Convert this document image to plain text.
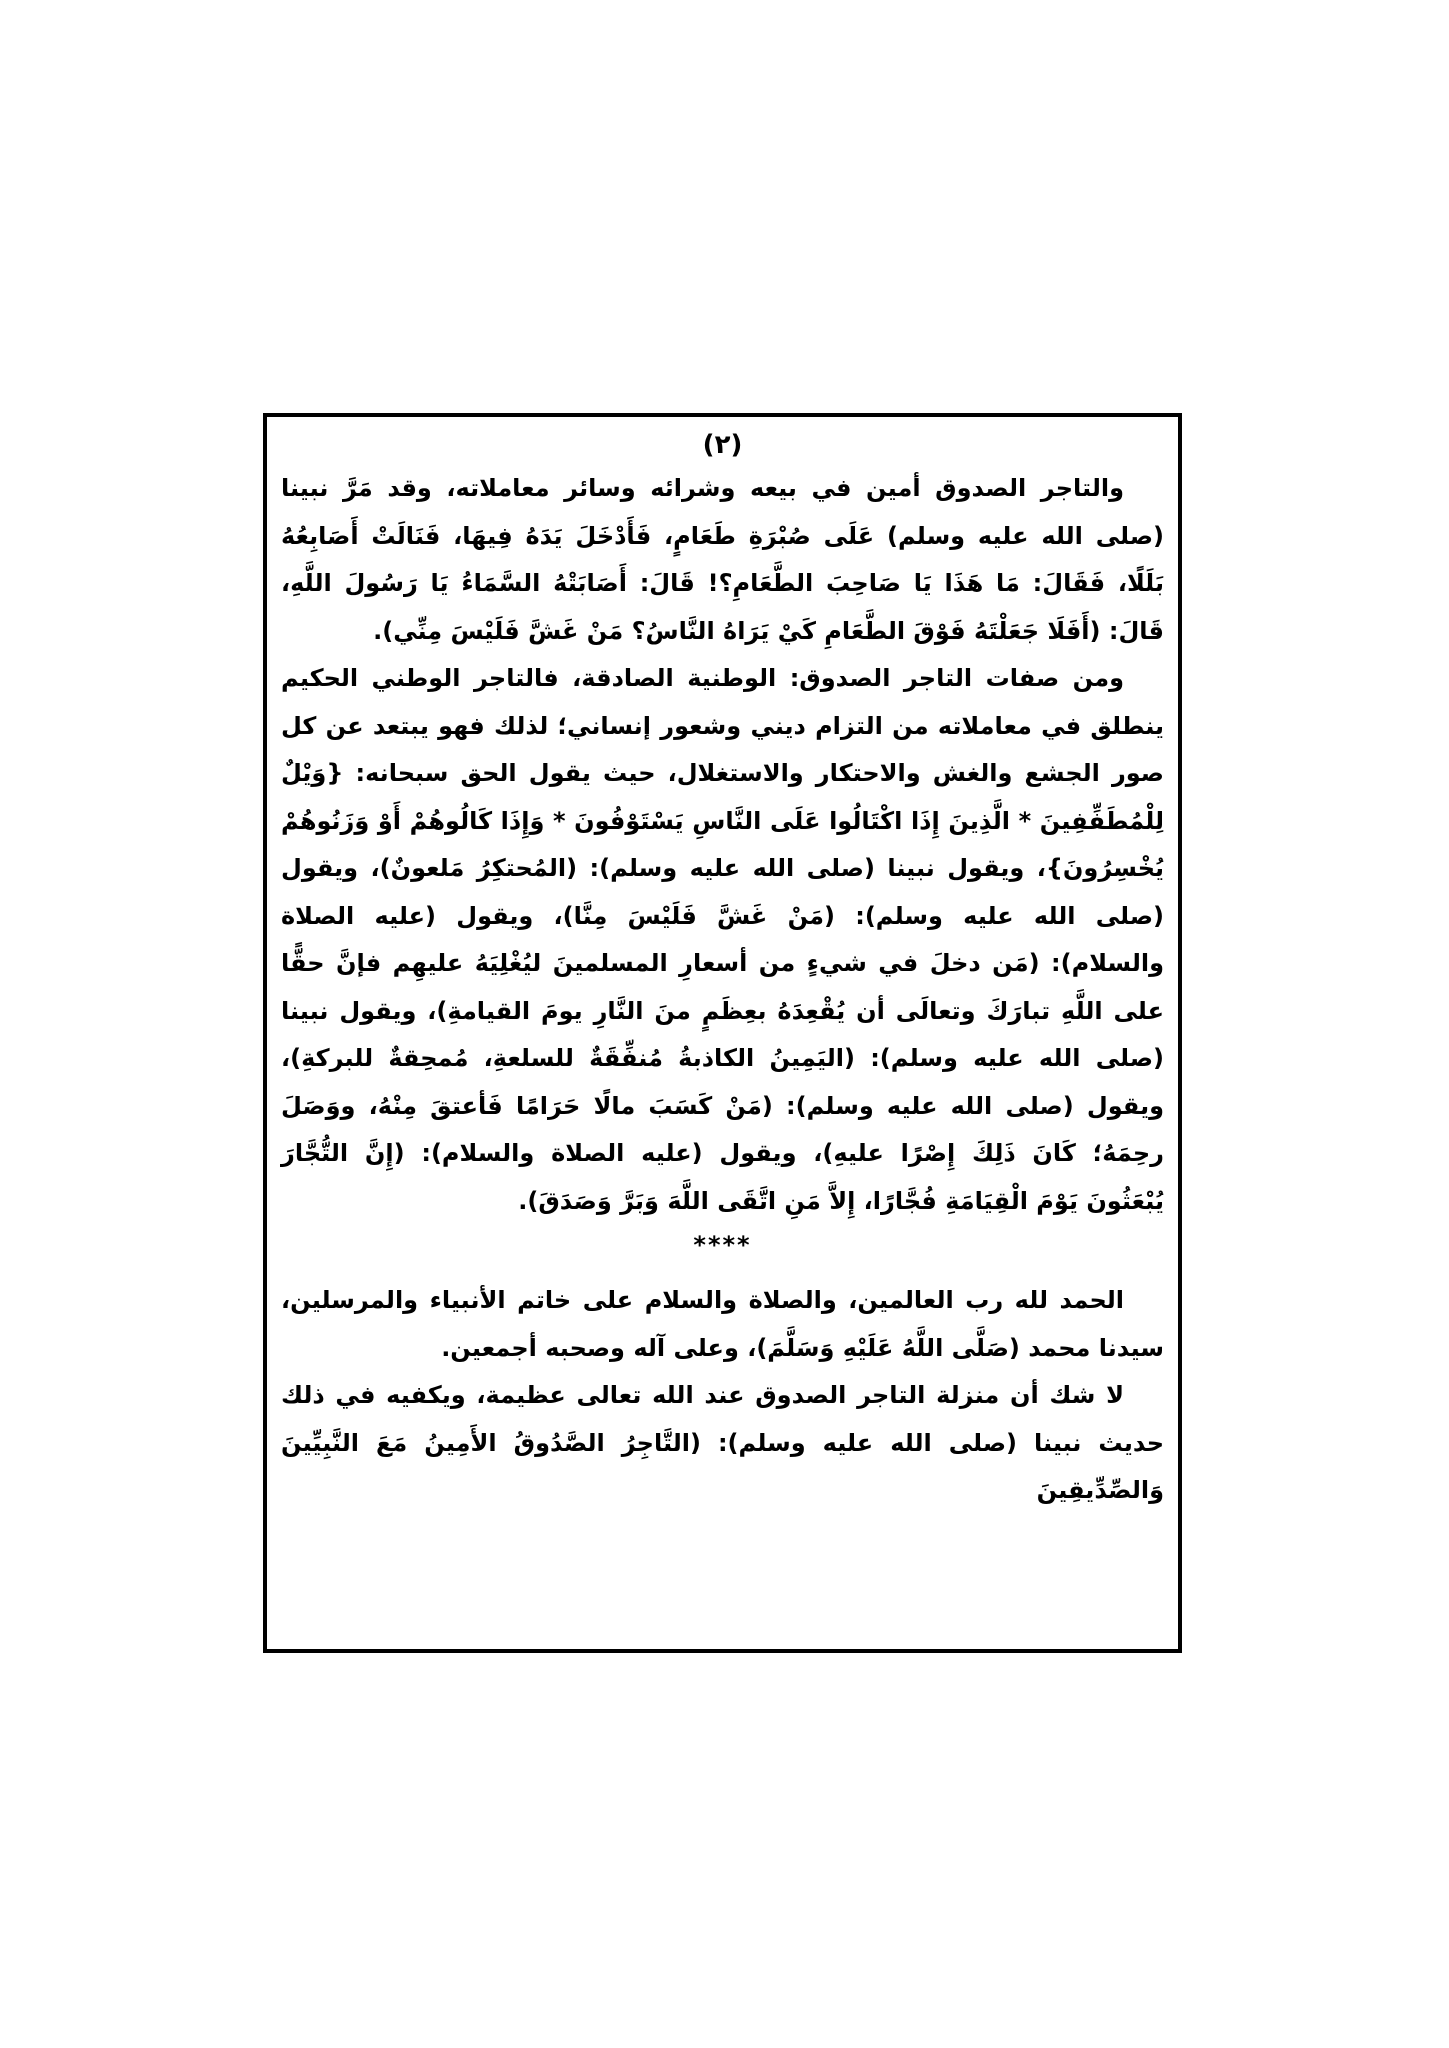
(٢)

والتاجر الصدوق أمين في بيعه وشرائه وسائر معاملاته، وقد مَرَّ نبينا (صلى الله عليه وسلم) عَلَى صُبْرَةِ طَعَامٍ، فَأَدْخَلَ يَدَهُ فِيهَا، فَنَالَتْ أَصَابِعُهُ بَلَلًا، فَقَالَ: مَا هَذَا يَا صَاحِبَ الطَّعَامِ؟! قَالَ: أَصَابَتْهُ السَّمَاءُ يَا رَسُولَ اللَّهِ، قَالَ: (أَفَلَا جَعَلْتَهُ فَوْقَ الطَّعَامِ كَيْ يَرَاهُ النَّاسُ؟ مَنْ غَشَّ فَلَيْسَ مِنِّي).

ومن صفات التاجر الصدوق: الوطنية الصادقة، فالتاجر الوطني الحكيم ينطلق في معاملاته من التزام ديني وشعور إنساني؛ لذلك فهو يبتعد عن كل صور الجشع والغش والاحتكار والاستغلال، حيث يقول الحق سبحانه: {وَيْلٌ لِلْمُطَفِّفِينَ * الَّذِينَ إِذَا اكْتَالُوا عَلَى النَّاسِ يَسْتَوْفُونَ * وَإِذَا كَالُوهُمْ أَوْ وَزَنُوهُمْ يُخْسِرُونَ}، ويقول نبينا (صلى الله عليه وسلم): (المُحتكِرُ مَلعونٌ)، ويقول (صلى الله عليه وسلم): (مَنْ غَشَّ فَلَيْسَ مِنَّا)، ويقول (عليه الصلاة والسلام): (مَن دخلَ في شيءٍ من أسعارِ المسلمينَ ليُغْلِيَهُ عليهِم فإنَّ حقًّا على اللَّهِ تبارَكَ وتعالَى أن يُقْعِدَهُ بعِظَمٍ منَ النَّارِ يومَ القيامةِ)، ويقول نبينا (صلى الله عليه وسلم): (اليَمِينُ الكاذبةُ مُنفِّقَةٌ للسلعةِ، مُمحِقةٌ للبركةِ)، ويقول (صلى الله عليه وسلم): (مَنْ كَسَبَ مالًا حَرَامًا فَأعتقَ مِنْهُ، ووَصَلَ رحِمَهُ؛ كَانَ ذَلِكَ إِصْرًا عليهِ)، ويقول (عليه الصلاة والسلام): (إِنَّ التُّجَّارَ يُبْعَثُونَ يَوْمَ الْقِيَامَةِ فُجَّارًا، إِلاَّ مَنِ اتَّقَى اللَّهَ وَبَرَّ وَصَدَقَ).

****

الحمد لله رب العالمين، والصلاة والسلام على خاتم الأنبياء والمرسلين، سيدنا محمد (صَلَّى اللَّهُ عَلَيْهِ وَسَلَّمَ)، وعلى آله وصحبه أجمعين.

لا شك أن منزلة التاجر الصدوق عند الله تعالى عظيمة، ويكفيه في ذلك حديث نبينا (صلى الله عليه وسلم): (التَّاجِرُ الصَّدُوقُ الأَمِينُ مَعَ النَّبِيِّينَ وَالصِّدِّيقِينَ
